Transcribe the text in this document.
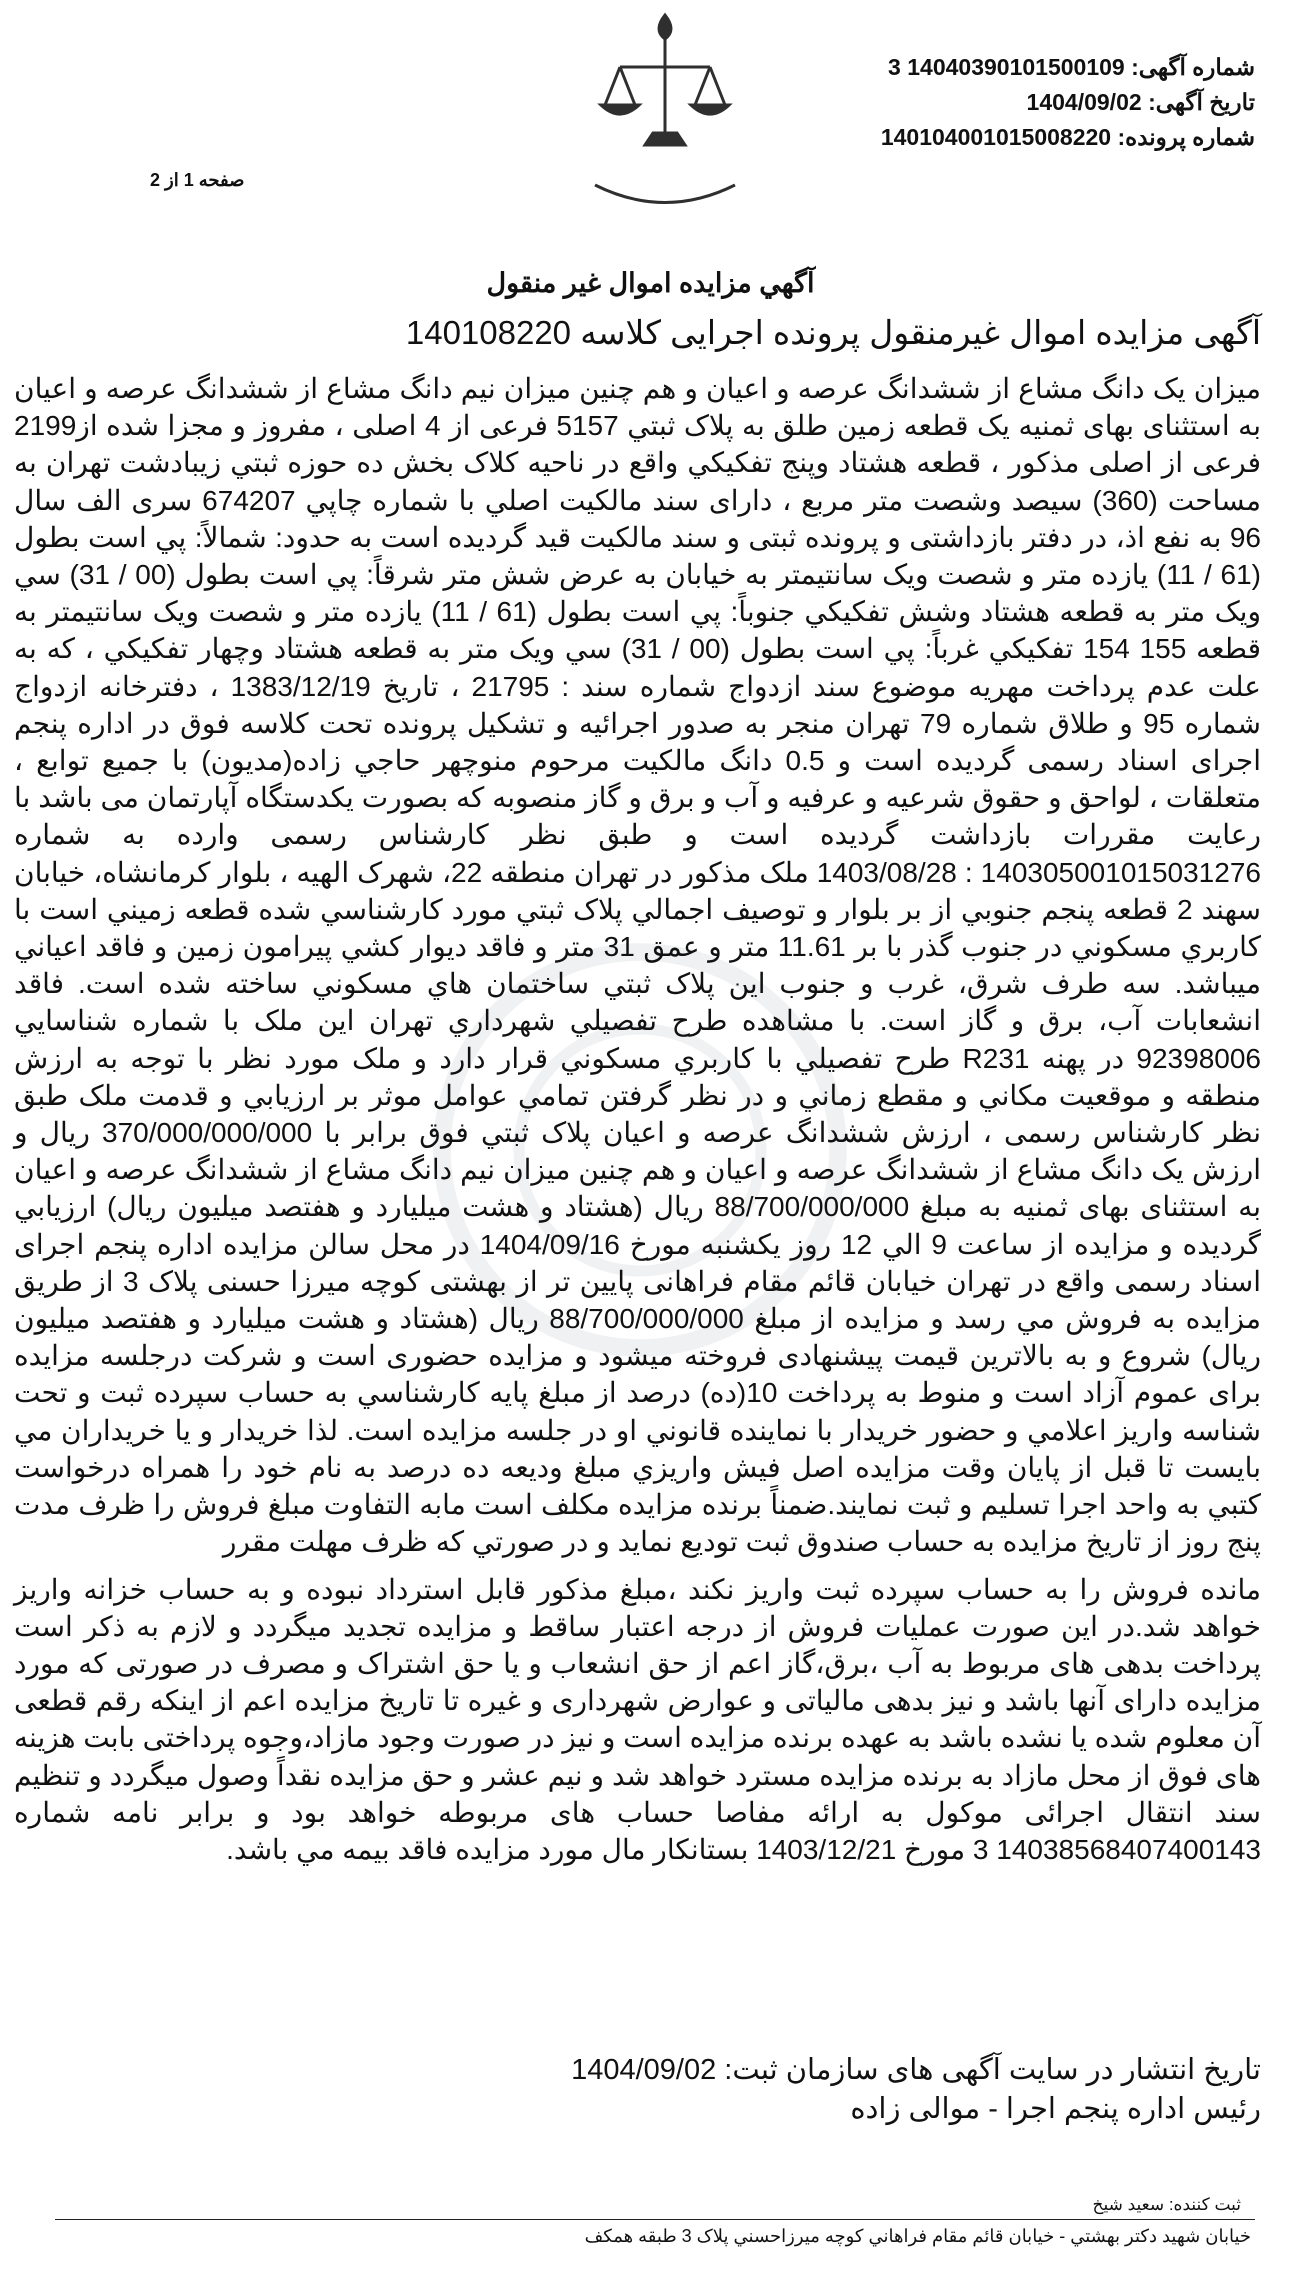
شماره آگهی: 14040390101500109 3
تاریخ آگهی: 1404/09/02
شماره پرونده: 140104001015008220
صفحه 1 از 2
آگهي مزايده اموال غير منقول
آگهی مزایده اموال غیرمنقول پرونده اجرایی کلاسه 140108220

ميزان يک دانگ مشاع از ششدانگ عرصه و اعيان و هم چنين ميزان نيم دانگ مشاع از ششدانگ عرصه و اعيان به استثنای بهای ثمنيه يک قطعه زمين طلق به پلاک ثبتي 5157 فرعی از 4 اصلی ، مفروز و مجزا شده از2199 فرعی از اصلی مذکور ، قطعه هشتاد وپنج تفکيکي واقع در ناحيه کلاک بخش ده حوزه ثبتي زيبادشت تهران به مساحت (360) سيصد وشصت متر مربع ، دارای سند مالکيت اصلي با شماره چاپي 674207 سری الف سال 96 به نفع اذ، در دفتر بازداشتی و پرونده ثبتی و سند مالکيت قيد گرديده است به حدود: شمالاً: پي است بطول (61 / 11) يازده متر و شصت ويک سانتيمتر به خيابان به عرض شش متر شرقاً: پي است بطول (00 / 31) سي ويک متر به قطعه هشتاد وشش تفکيکي جنوباً: پي است بطول (61 / 11) يازده متر و شصت ويک سانتيمتر به قطعه 155 154 تفکيکي غرباً: پي است بطول (00 / 31) سي ويک متر به قطعه هشتاد وچهار تفکيکي ، که به علت عدم پرداخت مهريه موضوع سند ازدواج شماره سند : 21795 ، تاريخ 1383/12/19 ، دفترخانه ازدواج شماره 95 و طلاق شماره 79 تهران منجر به صدور اجرائيه و تشکيل پرونده تحت کلاسه فوق در اداره پنجم اجرای اسناد رسمی گرديده است و 0.5 دانگ مالکيت مرحوم منوچهر حاجي زاده(مديون) با جميع توابع ، متعلقات ، لواحق و حقوق شرعيه و عرفيه و آب و برق و گاز منصوبه که بصورت يکدستگاه آپارتمان می باشد با رعايت مقررات بازداشت گرديده است و طبق نظر کارشناس رسمی وارده به شماره 140305001015031276 : 1403/08/28 ملک مذکور در تهران منطقه 22، شهرک الهيه ، بلوار کرمانشاه، خيابان سهند 2 قطعه پنجم جنوبي از بر بلوار و توصيف اجمالي پلاک ثبتي مورد کارشناسي شده قطعه زميني است با کاربري مسکوني در جنوب گذر با بر 11.61 متر و عمق 31 متر و فاقد ديوار کشي پيرامون زمين و فاقد اعياني ميباشد. سه طرف شرق، غرب و جنوب اين پلاک ثبتي ساختمان هاي مسکوني ساخته شده است. فاقد انشعابات آب، برق و گاز است. با مشاهده طرح تفصيلي شهرداري تهران اين ملک با شماره شناسايي 92398006 در پهنه R231 طرح تفصيلي با کاربري مسکوني قرار دارد و ملک مورد نظر با توجه به ارزش منطقه و موقعيت مکاني و مقطع زماني و در نظر گرفتن تمامي عوامل موثر بر ارزيابي و قدمت ملک طبق نظر کارشناس رسمی ، ارزش ششدانگ عرصه و اعيان پلاک ثبتي فوق برابر با 370/000/000/000 ريال و ارزش يک دانگ مشاع از ششدانگ عرصه و اعيان و هم چنين ميزان نيم دانگ مشاع از ششدانگ عرصه و اعيان به استثنای بهای ثمنيه به مبلغ 88/700/000/000 ريال (هشتاد و هشت ميليارد و هفتصد ميليون ريال) ارزيابي گرديده و مزايده از ساعت 9 الي 12 روز يکشنبه مورخ 1404/09/16 در محل سالن مزايده اداره پنجم اجرای اسناد رسمی واقع در تهران خيابان قائم مقام فراهانی پايين تر از بهشتی کوچه ميرزا حسنی پلاک 3 از طريق مزايده به فروش مي رسد و مزايده از مبلغ 88/700/000/000 ريال (هشتاد و هشت ميليارد و هفتصد ميليون ريال) شروع و به بالاترين قيمت پيشنهادی فروخته ميشود و مزايده حضوری است و شرکت درجلسه مزايده برای عموم آزاد است و منوط به پرداخت 10(ده) درصد از مبلغ پايه کارشناسي به حساب سپرده ثبت و تحت شناسه واريز اعلامي و حضور خريدار با نماينده قانوني او در جلسه مزايده است. لذا خريدار و يا خريداران مي بايست تا قبل از پايان وقت مزايده اصل فيش واريزي مبلغ وديعه ده درصد به نام خود را همراه درخواست کتبي به واحد اجرا تسليم و ثبت نمايند.ضمناً برنده مزايده مکلف است مابه التفاوت مبلغ فروش را ظرف مدت پنج روز از تاريخ مزايده به حساب صندوق ثبت توديع نمايد و در صورتي که ظرف مهلت مقرر

مانده فروش را به حساب سپرده ثبت واريز نکند ،مبلغ مذکور قابل استرداد نبوده و به حساب خزانه واريز خواهد شد.در اين صورت عمليات فروش از درجه اعتبار ساقط و مزايده تجديد ميگردد و لازم به ذکر است پرداخت بدهی های مربوط به آب ،برق،گاز اعم از حق انشعاب و يا حق اشتراک و مصرف در صورتی که مورد مزايده دارای آنها باشد و نيز بدهی مالياتی و عوارض شهرداری و غيره تا تاريخ مزايده اعم از اينکه رقم قطعی آن معلوم شده يا نشده باشد به عهده برنده مزايده است و نيز در صورت وجود مازاد،وجوه پرداختی بابت هزينه های فوق از محل مازاد به برنده مزايده مسترد خواهد شد و نيم عشر و حق مزايده نقداً وصول ميگردد و تنظيم سند انتقال اجرائی موکول به ارائه مفاصا حساب های مربوطه خواهد بود و برابر نامه شماره 14038568407400143 3 مورخ 1403/12/21 بستانکار مال مورد مزايده فاقد بيمه مي باشد.

تاریخ انتشار در سایت آگهی های سازمان ثبت: 1404/09/02
رئیس اداره پنجم اجرا - موالی زاده
ثبت کننده: سعید شیخ
خيابان شهيد دکتر بهشتي - خيابان قائم مقام فراهاني کوچه ميرزاحسني پلاک 3 طبقه همکف
